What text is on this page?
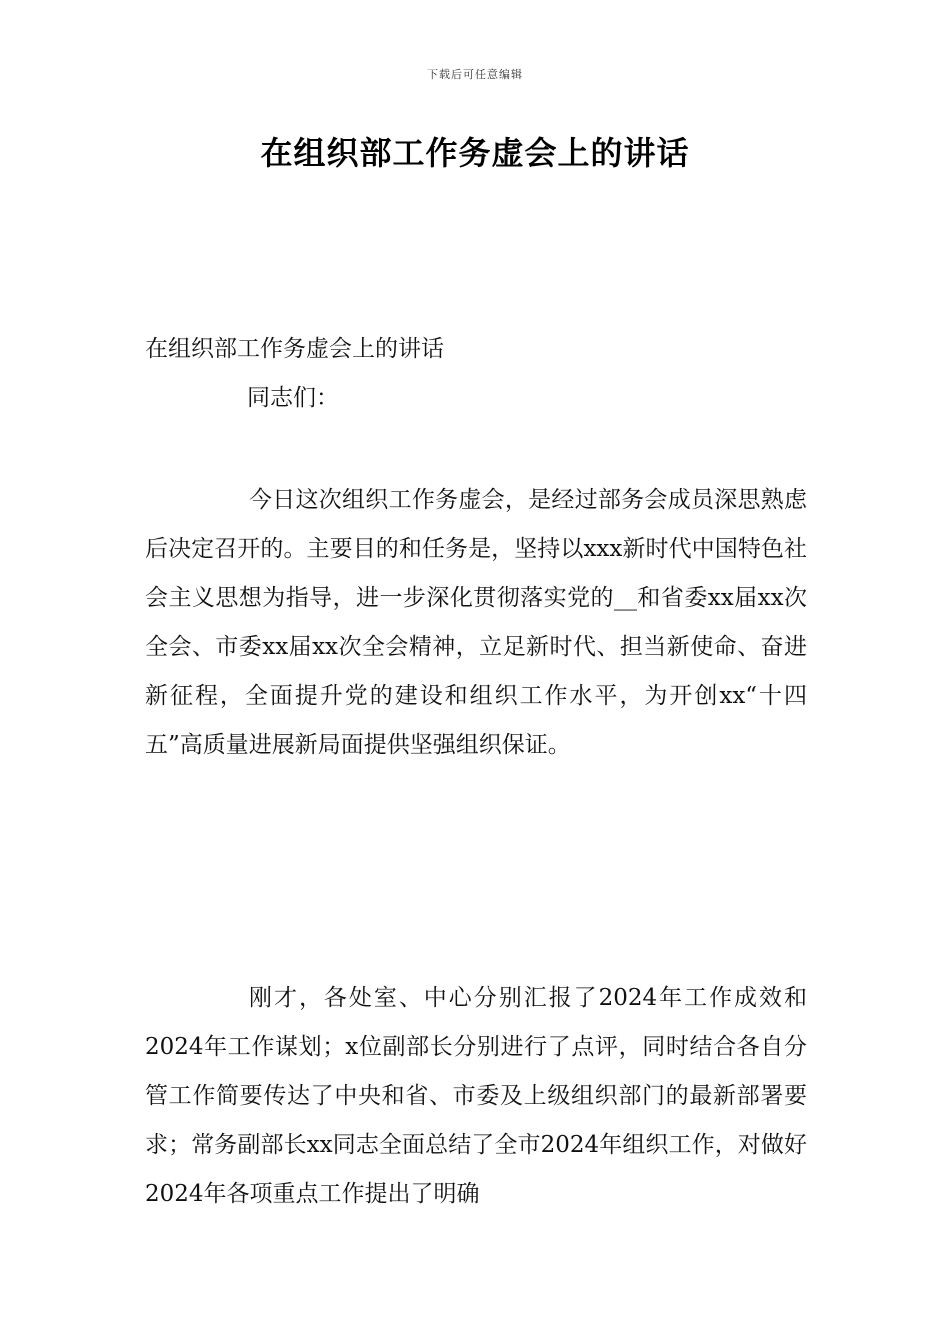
下载后可任意编辑
在组织部工作务虚会上的讲话
在组织部工作务虚会上的讲话
同志们：
今日这次组织工作务虚会，是经过部务会成员深思熟虑后决定召开的。主要目的和任务是，坚持以xxx新时代中国特色社会主义思想为指导，进一步深化贯彻落实党的__和省委xx届xx次全会、市委xx届xx次全会精神，立足新时代、担当新使命、奋进新征程，全面提升党的建设和组织工作水平，为开创xx“十四五”高质量进展新局面提供坚强组织保证。
刚才，各处室、中心分别汇报了2024年工作成效和2024年工作谋划；x位副部长分别进行了点评，同时结合各自分管工作简要传达了中央和省、市委及上级组织部门的最新部署要求；常务副部长xx同志全面总结了全市2024年组织工作，对做好2024年各项重点工作提出了明确
